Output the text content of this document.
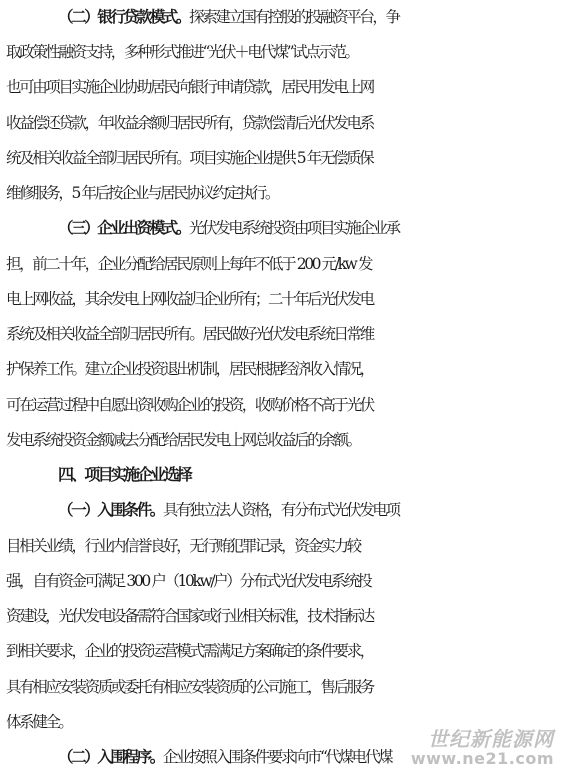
（二）银行贷款模式。探索建立国有控股的投融资平台，争
取政策性融资支持，多种形式推进“光伏＋电代煤”试点示范。
也可由项目实施企业协助居民向银行申请贷款，居民用发电上网
收益偿还贷款，年收益余额归居民所有，贷款偿清后光伏发电系
统及相关收益全部归居民所有。项目实施企业提供 5 年无偿质保
维修服务，5 年后按企业与居民协议约定执行。
（三）企业出资模式。光伏发电系统投资由项目实施企业承
担，前二十年，企业分配给居民原则上每年不低于 200 元/kw 发
电上网收益，其余发电上网收益归企业所有；二十年后光伏发电
系统及相关收益全部归居民所有。居民做好光伏发电系统日常维
护保养工作。建立企业投资退出机制，居民根据经济收入情况，
可在运营过程中自愿出资收购企业的投资，收购价格不高于光伏
发电系统投资金额减去分配给居民发电上网总收益后的余额。
四、项目实施企业选择
（一）入围条件。具有独立法人资格，有分布式光伏发电项
目相关业绩，行业内信誉良好，无行贿犯罪记录，资金实力较
强，自有资金可满足 300 户（10kw/户）分布式光伏发电系统投
资建设，光伏发电设备需符合国家或行业相关标准，技术指标达
到相关要求，企业的投资运营模式需满足方案确定的条件要求，
具有相应安装资质或委托有相应安装资质的公司施工，售后服务
体系健全。
（二）入围程序。企业按照入围条件要求向市“代煤电代煤
世纪新能源网
www.ne21.com
